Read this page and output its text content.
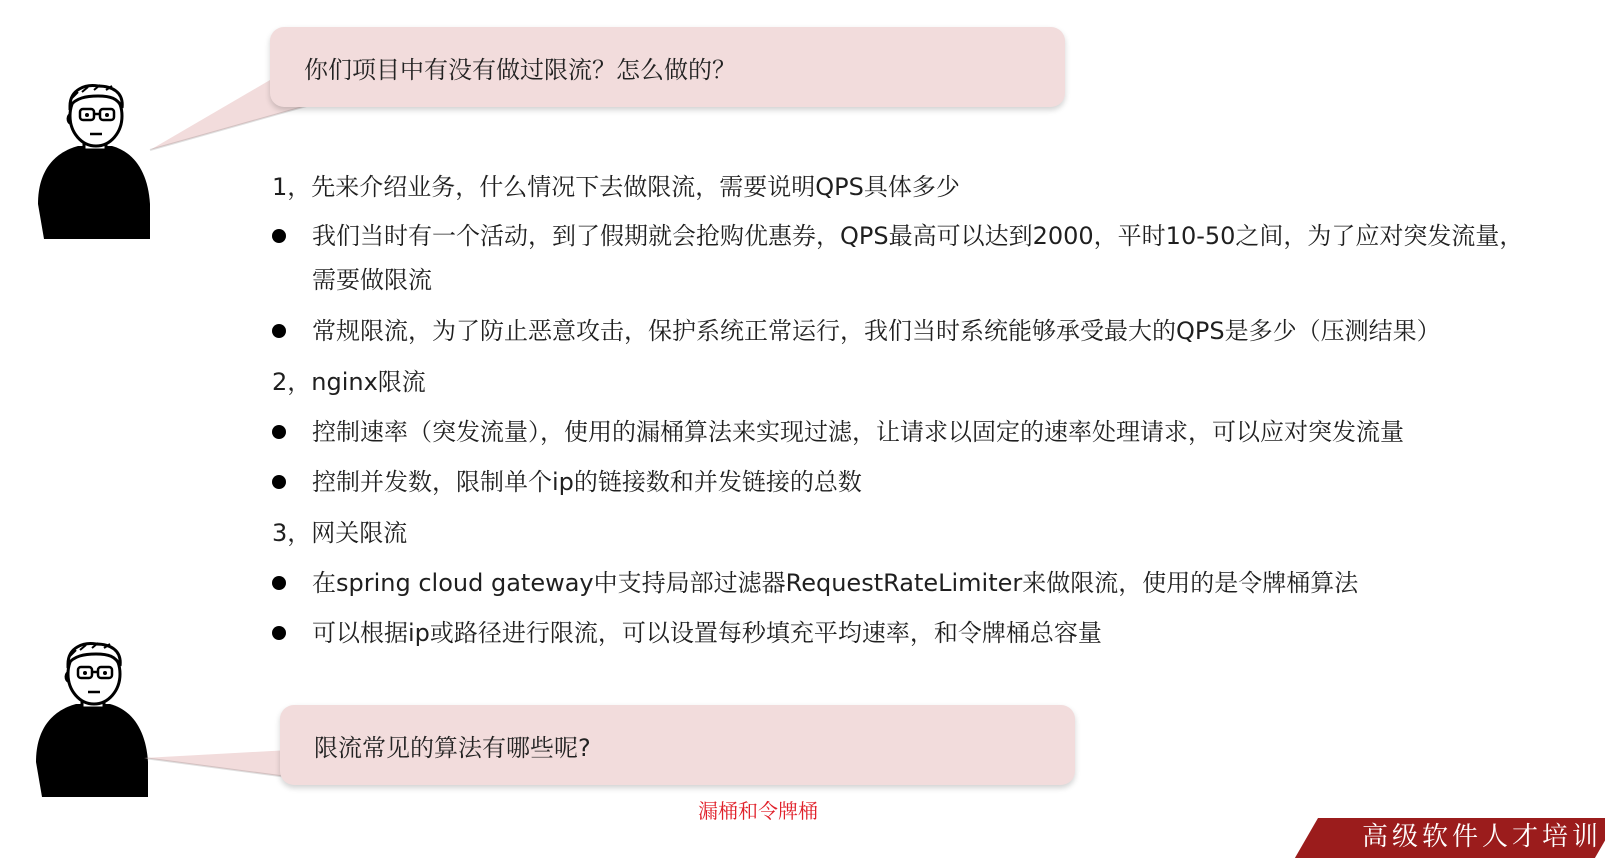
你们项目中有没有做过限流？怎么做的？
1，先来介绍业务，什么情况下去做限流，需要说明QPS具体多少
我们当时有一个活动，到了假期就会抢购优惠券，QPS最高可以达到2000，平时10-50之间，为了应对突发流量，
需要做限流
常规限流，为了防止恶意攻击，保护系统正常运行，我们当时系统能够承受最大的QPS是多少（压测结果）
2，nginx限流
控制速率（突发流量），使用的漏桶算法来实现过滤，让请求以固定的速率处理请求，可以应对突发流量
控制并发数，限制单个ip的链接数和并发链接的总数
3，网关限流
在spring cloud gateway中支持局部过滤器RequestRateLimiter来做限流，使用的是令牌桶算法
可以根据ip或路径进行限流，可以设置每秒填充平均速率，和令牌桶总容量
限流常见的算法有哪些呢?
漏桶和令牌桶
高级软件人才培训
